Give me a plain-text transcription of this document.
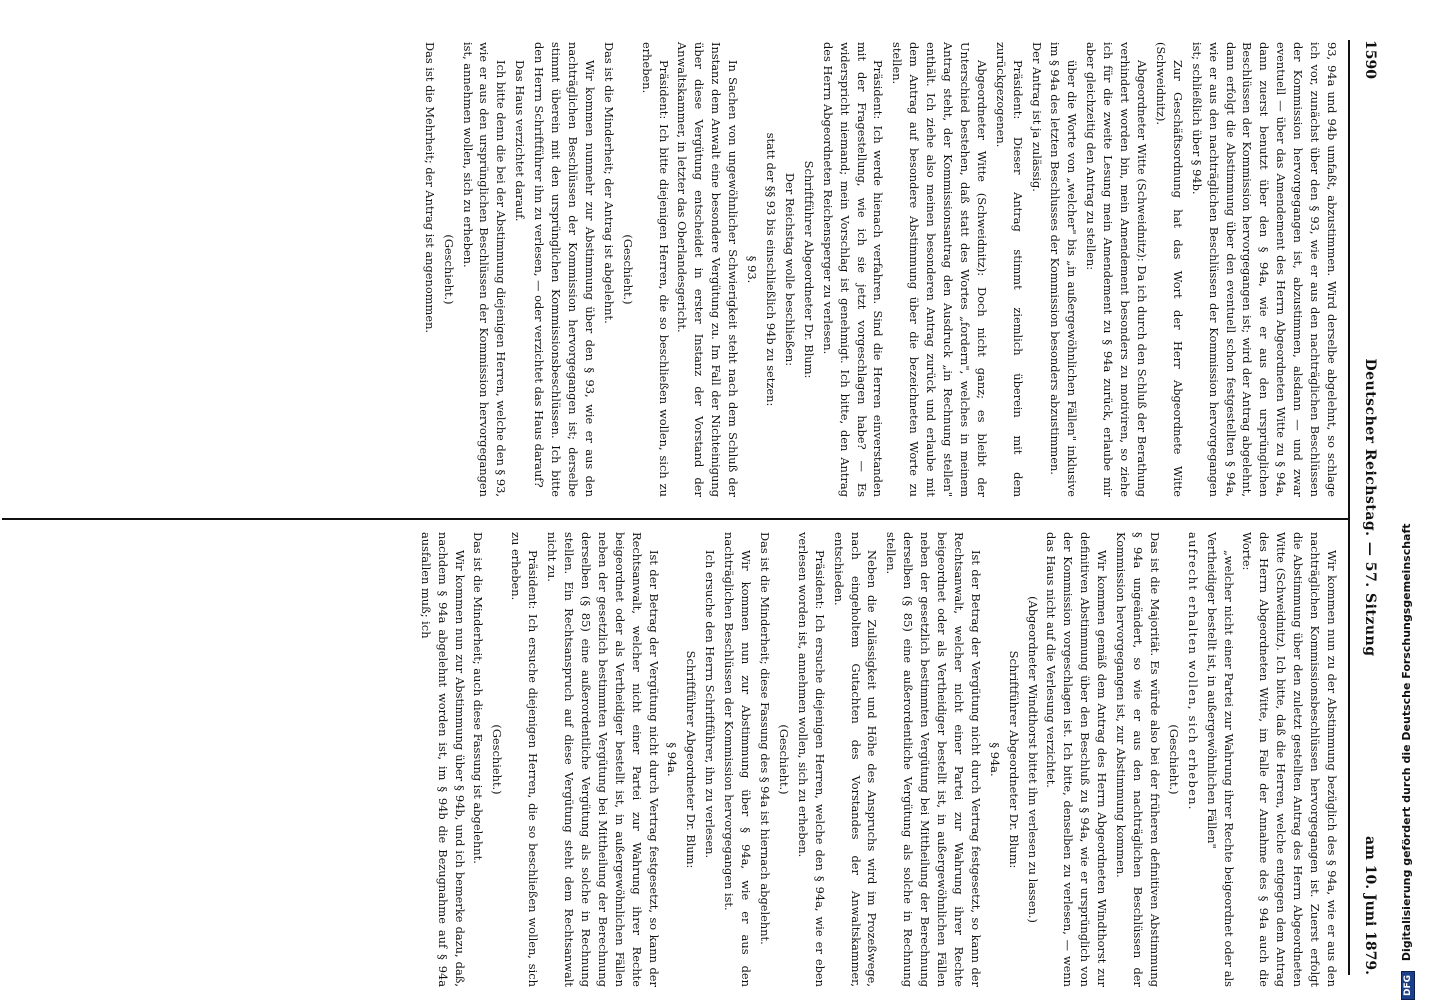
1590
Deutscher Reichstag. — 57. Sitzung
am 10. Juni 1879.

93, 94a und 94b umfaßt, abzustimmen. Wird derselbe abgelehnt, so schlage ich vor, zunächst über den § 93, wie er aus den nachträglichen Beschlüssen der Kommission hervorgegangen ist, abzustimmen, alsdann — und zwar eventuell — über das Amendement des Herrn Abgeordneten Witte zu § 94a, dann zuerst benutzt über den § 94a, wie er aus den ursprünglichen Beschlüssen der Kommission hervorgegangen ist; wird der Antrag abgelehnt, dann erfolgt die Abstimmung über den eventuell schon festgestellten § 94a, wie er aus den nachträglichen Beschlüssen der Kommission hervorgegangen ist; schließlich über § 94b.

Zur Geschäftsordnung hat das Wort der Herr Abgeordnete Witte (Schweidnitz).

Abgeordneter Witte (Schweidnitz): Da ich durch den Schluß der Berathung verhindert worden bin, mein Amendement besonders zu motiviren, so ziehe ich für die zweite Lesung mein Amendement zu § 94a zurück, erlaube mir aber gleichzeitig den Antrag zu stellen:

über die Worte von „welcher" bis „in außergewöhnlichen Fällen" inklusive im § 94a des letzten Beschlusses der Kommission besonders abzustimmen.

Der Antrag ist ja zulässig.

Präsident: Dieser Antrag stimmt ziemlich überein mit dem zurückgezogenen.

Abgeordneter Witte (Schweidnitz): Doch nicht ganz; es bleibt der Unterschied bestehen, daß statt des Wortes „fordern", welches in meinem Antrag steht, der Kommissionsantrag den Ausdruck „in Rechnung stellen" enthält. Ich ziehe also meinen besonderen Antrag zurück und erlaube mit dem Antrag auf besondere Abstimmung über die bezeichneten Worte zu stellen.

Präsident: Ich werde hienach verfahren. Sind die Herren einverstanden mit der Fragestellung, wie ich sie jetzt vorgeschlagen habe? — Es widerspricht niemand; mein Vorschlag ist genehmigt. Ich bitte, den Antrag des Herrn Abgeordneten Reichensperger zu verlesen.

Schriftführer Abgeordneter Dr. Blum:

Der Reichstag wolle beschließen:

statt der §§ 93 bis einschließlich 94b zu setzen:

§ 93.

In Sachen von ungewöhnlicher Schwierigkeit steht nach dem Schluß der Instanz dem Anwalt eine besondere Vergütung zu. Im Fall der Nichteinigung über diese Vergütung entscheidet in erster Instanz der Vorstand der Anwaltskammer, in letzter das Oberlandesgericht.

Präsident: Ich bitte diejenigen Herren, die so beschließen wollen, sich zu erheben.

(Geschieht.)

Das ist die Minderheit; der Antrag ist abgelehnt.

Wir kommen nunmehr zur Abstimmung über den § 93, wie er aus den nachträglichen Beschlüssen der Kommission hervorgegangen ist; derselbe stimmt überein mit den ursprünglichen Kommissionsbeschlüssen. Ich bitte den Herrn Schriftführer ihn zu verlesen, — oder verzichtet das Haus darauf?

Das Haus verzichtet darauf.

Ich bitte denn die bei der Abstimmung diejenigen Herren, welche den § 93, wie er aus den ursprünglichen Beschlüssen der Kommission hervorgegangen ist, annehmen wollen, sich zu erheben.

(Geschieht.)

Das ist die Mehrheit; der Antrag ist angenommen.

Wir kommen nun zu der Abstimmung bezüglich des § 94a, wie er aus den nachträglichen Kommissionsbeschlüssen hervorgegangen ist. Zuerst erfolgt die Abstimmung über den zuletzt gestellten Antrag des Herrn Abgeordneten Witte (Schweidnitz). Ich bitte, daß die Herren, welche entgegen dem Antrag des Herrn Abgeordneten Witte, im Falle der Annahme des § 94a auch die Worte:

„welcher nicht einer Partei zur Wahrung ihrer Rechte beigeordnet oder als Vertheidiger bestellt ist, in außergewöhnlichen Fällen"

aufrecht erhalten wollen, sich erheben.

(Geschieht.)

Das ist die Majorität. Es würde also bei der früheren definitiven Abstimmung § 94a ungeändert, so wie er aus den nachträglichen Beschlüssen der Kommission hervorgegangen ist, zur Abstimmung kommen.

Wir kommen gemäß dem Antrag des Herrn Abgeordneten Windthorst zur definitiven Abstimmung über den Beschluß zu § 94a, wie er ursprünglich von der Kommission vorgeschlagen ist. Ich bitte, denselben zu verlesen, — wenn das Haus nicht auf die Verlesung verzichtet.

(Abgeordneter Windthorst bittet ihn verlesen zu lassen.)

Schriftführer Abgeordneter Dr. Blum:

§ 94a.

Ist der Betrag der Vergütung nicht durch Vertrag festgesetzt, so kann der Rechtsanwalt, welcher nicht einer Partei zur Wahrung ihrer Rechte beigeordnet oder als Vertheidiger bestellt ist, in außergewöhnlichen Fällen neben der gesetzlich bestimmten Vergütung bei Mittheilung der Berechnung derselben (§ 85) eine außerordentliche Vergütung als solche in Rechnung stellen.

Neben die Zulässigkeit und Höhe des Anspruchs wird im Prozeßwege, nach eingeholtem Gutachten des Vorstandes der Anwaltskammer, entschieden.

Präsident: Ich ersuche diejenigen Herren, welche den § 94a, wie er eben verlesen worden ist, annehmen wollen, sich zu erheben.

(Geschieht.)

Das ist die Minderheit; diese Fassung des § 94a ist hiernach abgelehnt.

Wir kommen nun zur Abstimmung über § 94a, wie er aus den nachträglichen Beschlüssen der Kommission hervorgegangen ist.

Ich ersuche den Herrn Schriftführer, ihn zu verlesen.

Schriftführer Abgeordneter Dr. Blum:

§ 94a.

Ist der Betrag der Vergütung nicht durch Vertrag festgesetzt, so kann der Rechtsanwalt, welcher nicht einer Partei zur Wahrung ihrer Rechte beigeordnet oder als Vertheidiger bestellt ist, in außergewöhnlichen Fällen neben der gesetzlich bestimmten Vergütung bei Mittheilung der Berechnung derselben (§ 85) eine außerordentliche Vergütung als solche in Rechnung stellen. Ein Rechtsanspruch auf diese Vergütung steht dem Rechtsanwalt nicht zu.

Präsident: Ich ersuche diejenigen Herren, die so beschließen wollen, sich zu erheben.

(Geschieht.)

Das ist die Minderheit; auch diese Fassung ist abgelehnt.

Wir kommen nun zur Abstimmung über § 94b, und ich bemerke dazu, daß, nachdem § 94a abgelehnt worden ist, im § 94b die Bezugnahme auf § 94a ausfallen muß; ich

DFG Digitalisierung gefördert durch die Deutsche Forschungsgemeinschaft
